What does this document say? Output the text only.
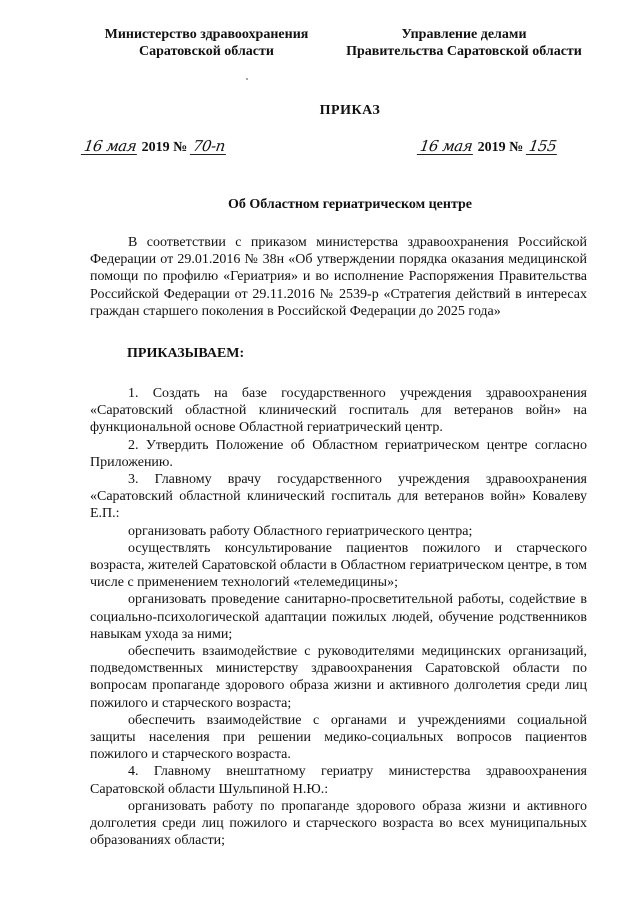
Министерство здравоохранения
Саратовской области
Управление делами
Правительства Саратовской области
ПРИКАЗ
16 мая 2019 № 70-п	16 мая 2019 № 155
Об Областном гериатрическом центре

В соответствии с приказом министерства здравоохранения Российской Федерации от 29.01.2016 № 38н «Об утверждении порядка оказания медицинской помощи по профилю «Гериатрия» и во исполнение Распоряжения Правительства Российской Федерации от 29.11.2016 № 2539-р «Стратегия действий в интересах граждан старшего поколения в Российской Федерации до 2025 года»

ПРИКАЗЫВАЕМ:

1. Создать на базе государственного учреждения здравоохранения «Саратовский областной клинический госпиталь для ветеранов войн» на функциональной основе Областной гериатрический центр.

2. Утвердить Положение об Областном гериатрическом центре согласно Приложению.

3. Главному врачу государственного учреждения здравоохранения «Саратовский областной клинический госпиталь для ветеранов войн» Ковалеву Е.П.:

организовать работу Областного гериатрического центра;

осуществлять консультирование пациентов пожилого и старческого возраста, жителей Саратовской области в Областном гериатрическом центре, в том числе с применением технологий «телемедицины»;

организовать проведение санитарно-просветительной работы, содействие в социально-психологической адаптации пожилых людей, обучение родственников навыкам ухода за ними;

обеспечить взаимодействие с руководителями медицинских организаций, подведомственных министерству здравоохранения Саратовской области по вопросам пропаганде здорового образа жизни и активного долголетия среди лиц пожилого и старческого возраста;

обеспечить взаимодействие с органами и учреждениями социальной защиты населения при решении медико-социальных вопросов пациентов пожилого и старческого возраста.

4. Главному внештатному гериатру министерства здравоохранения Саратовской области Шульпиной Н.Ю.:

организовать работу по пропаганде здорового образа жизни и активного долголетия среди лиц пожилого и старческого возраста во всех муниципальных образованиях области;
